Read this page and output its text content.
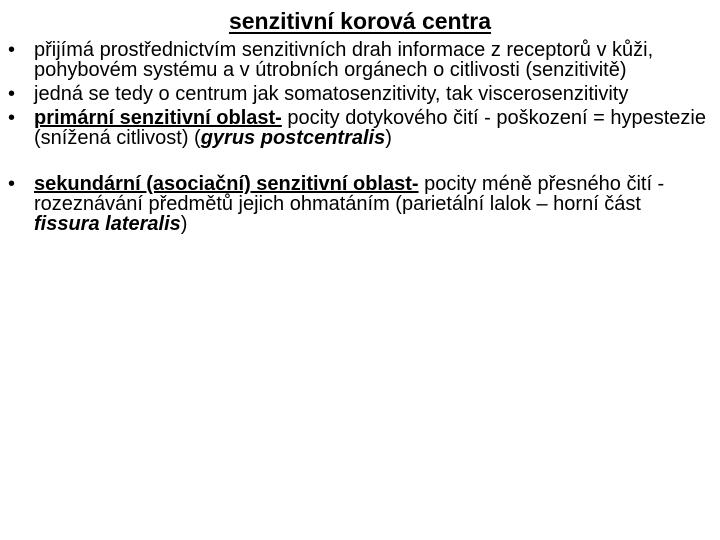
senzitivní korová centra
• přijímá prostřednictvím senzitivních drah informace z receptorů v kůži, pohybovém systému a v útrobních orgánech o citlivosti (senzitivitě)
• jedná se tedy o centrum jak somatosenzitivity, tak viscerosenzitivity
• primární senzitivní oblast- pocity dotykového čití - poškození = hypestezie (snížená citlivost) (gyrus postcentralis)
• sekundární (asociační) senzitivní oblast- pocity méně přesného čití - rozeznávání předmětů jejich ohmatáním (parietální lalok – horní část fissura lateralis)
